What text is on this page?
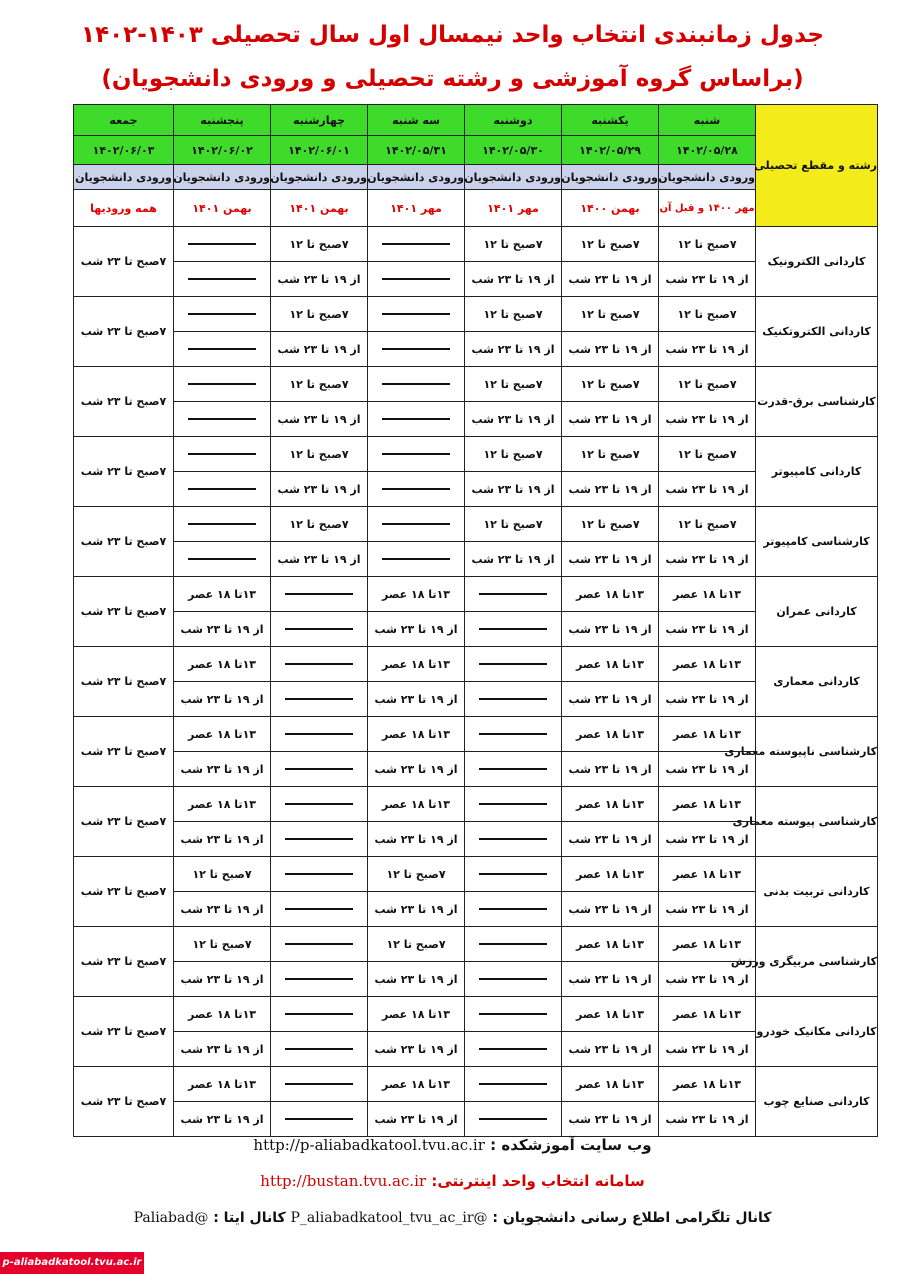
جدول زمانبندی انتخاب واحد نیمسال اول سال تحصیلی ۱۴۰۳-۱۴۰۲
(براساس گروه آموزشی و رشته تحصیلی و ورودی دانشجویان)
رشته و مقطع تحصیلی	شنبه	یکشنبه	دوشنبه	سه شنبه	چهارشنبه	پنجشنبه	جمعه
	۱۴۰۲/۰۵/۲۸	۱۴۰۲/۰۵/۲۹	۱۴۰۲/۰۵/۳۰	۱۴۰۲/۰۵/۳۱	۱۴۰۲/۰۶/۰۱	۱۴۰۲/۰۶/۰۲	۱۴۰۲/۰۶/۰۳
	ورودی دانشجویان	ورودی دانشجویان	ورودی دانشجویان	ورودی دانشجویان	ورودی دانشجویان	ورودی دانشجویان	ورودی دانشجویان
	مهر ۱۴۰۰ و قبل آن	بهمن ۱۴۰۰	مهر ۱۴۰۱	مهر ۱۴۰۱	بهمن ۱۴۰۱	بهمن ۱۴۰۱	همه ورودیها
کاردانی الکترونیک	۷صبح تا ۱۲	۷صبح تا ۱۲	۷صبح تا ۱۲		۷صبح تا ۱۲		۷صبح تا ۲۳ شب
	از ۱۹ تا ۲۳ شب	از ۱۹ تا ۲۳ شب	از ۱۹ تا ۲۳ شب		از ۱۹ تا ۲۳ شب		

کاردانی الکتروتکنیک	۷صبح تا ۱۲	۷صبح تا ۱۲	۷صبح تا ۱۲		۷صبح تا ۱۲		۷صبح تا ۲۳ شب
	از ۱۹ تا ۲۳ شب	از ۱۹ تا ۲۳ شب	از ۱۹ تا ۲۳ شب		از ۱۹ تا ۲۳ شب		

کارشناسی برق-قدرت	۷صبح تا ۱۲	۷صبح تا ۱۲	۷صبح تا ۱۲		۷صبح تا ۱۲		۷صبح تا ۲۳ شب
	از ۱۹ تا ۲۳ شب	از ۱۹ تا ۲۳ شب	از ۱۹ تا ۲۳ شب		از ۱۹ تا ۲۳ شب		

کاردانی کامپیوتر	۷صبح تا ۱۲	۷صبح تا ۱۲	۷صبح تا ۱۲		۷صبح تا ۱۲		۷صبح تا ۲۳ شب
	از ۱۹ تا ۲۳ شب	از ۱۹ تا ۲۳ شب	از ۱۹ تا ۲۳ شب		از ۱۹ تا ۲۳ شب		

کارشناسی کامپیوتر	۷صبح تا ۱۲	۷صبح تا ۱۲	۷صبح تا ۱۲		۷صبح تا ۱۲		۷صبح تا ۲۳ شب
	از ۱۹ تا ۲۳ شب	از ۱۹ تا ۲۳ شب	از ۱۹ تا ۲۳ شب		از ۱۹ تا ۲۳ شب		

کاردانی عمران	۱۳تا ۱۸ عصر	۱۳تا ۱۸ عصر		۱۳تا ۱۸ عصر		۱۳تا ۱۸ عصر	۷صبح تا ۲۳ شب
	از ۱۹ تا ۲۳ شب	از ۱۹ تا ۲۳ شب		از ۱۹ تا ۲۳ شب		از ۱۹ تا ۲۳ شب	
کاردانی معماری	۱۳تا ۱۸ عصر	۱۳تا ۱۸ عصر		۱۳تا ۱۸ عصر		۱۳تا ۱۸ عصر	۷صبح تا ۲۳ شب
	از ۱۹ تا ۲۳ شب	از ۱۹ تا ۲۳ شب		از ۱۹ تا ۲۳ شب		از ۱۹ تا ۲۳ شب	
کارشناسی ناپیوسته معماری	۱۳تا ۱۸ عصر	۱۳تا ۱۸ عصر		۱۳تا ۱۸ عصر		۱۳تا ۱۸ عصر	۷صبح تا ۲۳ شب
	از ۱۹ تا ۲۳ شب	از ۱۹ تا ۲۳ شب		از ۱۹ تا ۲۳ شب		از ۱۹ تا ۲۳ شب	
کارشناسی پیوسته معماری	۱۳تا ۱۸ عصر	۱۳تا ۱۸ عصر		۱۳تا ۱۸ عصر		۱۳تا ۱۸ عصر	۷صبح تا ۲۳ شب
	از ۱۹ تا ۲۳ شب	از ۱۹ تا ۲۳ شب		از ۱۹ تا ۲۳ شب		از ۱۹ تا ۲۳ شب	
کاردانی تربیت بدنی	۱۳تا ۱۸ عصر	۱۳تا ۱۸ عصر		۷صبح تا ۱۲		۷صبح تا ۱۲	۷صبح تا ۲۳ شب
	از ۱۹ تا ۲۳ شب	از ۱۹ تا ۲۳ شب		از ۱۹ تا ۲۳ شب		از ۱۹ تا ۲۳ شب	
کارشناسی مربیگری ورزش	۱۳تا ۱۸ عصر	۱۳تا ۱۸ عصر		۷صبح تا ۱۲		۷صبح تا ۱۲	۷صبح تا ۲۳ شب
	از ۱۹ تا ۲۳ شب	از ۱۹ تا ۲۳ شب		از ۱۹ تا ۲۳ شب		از ۱۹ تا ۲۳ شب	
کاردانی مکانیک خودرو	۱۳تا ۱۸ عصر	۱۳تا ۱۸ عصر		۱۳تا ۱۸ عصر		۱۳تا ۱۸ عصر	۷صبح تا ۲۳ شب
	از ۱۹ تا ۲۳ شب	از ۱۹ تا ۲۳ شب		از ۱۹ تا ۲۳ شب		از ۱۹ تا ۲۳ شب	
کاردانی صنایع چوب	۱۳تا ۱۸ عصر	۱۳تا ۱۸ عصر		۱۳تا ۱۸ عصر		۱۳تا ۱۸ عصر	۷صبح تا ۲۳ شب
	از ۱۹ تا ۲۳ شب	از ۱۹ تا ۲۳ شب		از ۱۹ تا ۲۳ شب		از ۱۹ تا ۲۳ شب	
وب سایت آموزشکده : http://p-aliabadkatool.tvu.ac.ir
سامانه انتخاب واحد اینترنتی: http://bustan.tvu.ac.ir
کانال تلگرامی اطلاع رسانی دانشجویان : @P_aliabadkatool_tvu_ac_ir کانال ایتا : @Paliabad
p-aliabadkatool.tvu.ac.ir
